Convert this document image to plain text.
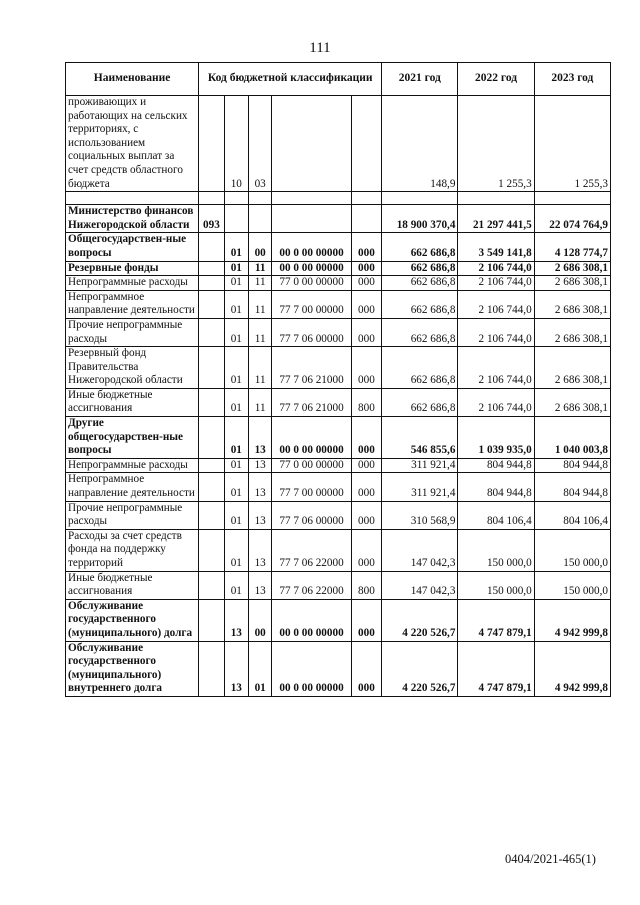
111
Наименование	Код бюджетной классификации					2021 год	2022 год	2023 год
проживающих и работающих на сельских территориях, с использованием социальных выплат за счет средств областного бюджета		10	03			148,9	1 255,3	1 255,3

Министерство финансов Нижегородской области	093					18 900 370,4	21 297 441,5	22 074 764,9
Общегосударствен-ные вопросы		01	00	00 0 00 00000	000	662 686,8	3 549 141,8	4 128 774,7
Резервные фонды		01	11	00 0 00 00000	000	662 686,8	2 106 744,0	2 686 308,1
Непрограммные расходы		01	11	77 0 00 00000	000	662 686,8	2 106 744,0	2 686 308,1
Непрограммное направление деятельности		01	11	77 7 00 00000	000	662 686,8	2 106 744,0	2 686 308,1
Прочие непрограммные расходы		01	11	77 7 06 00000	000	662 686,8	2 106 744,0	2 686 308,1
Резервный фонд Правительства Нижегородской области		01	11	77 7 06 21000	000	662 686,8	2 106 744,0	2 686 308,1
Иные бюджетные ассигнования		01	11	77 7 06 21000	800	662 686,8	2 106 744,0	2 686 308,1
Другие общегосударствен-ные вопросы		01	13	00 0 00 00000	000	546 855,6	1 039 935,0	1 040 003,8
Непрограммные расходы		01	13	77 0 00 00000	000	311 921,4	804 944,8	804 944,8
Непрограммное направление деятельности		01	13	77 7 00 00000	000	311 921,4	804 944,8	804 944,8
Прочие непрограммные расходы		01	13	77 7 06 00000	000	310 568,9	804 106,4	804 106,4
Расходы за счет средств фонда на поддержку территорий		01	13	77 7 06 22000	000	147 042,3	150 000,0	150 000,0
Иные бюджетные ассигнования		01	13	77 7 06 22000	800	147 042,3	150 000,0	150 000,0
Обслуживание государственного (муниципального) долга		13	00	00 0 00 00000	000	4 220 526,7	4 747 879,1	4 942 999,8
Обслуживание государственного (муниципального) внутреннего долга		13	01	00 0 00 00000	000	4 220 526,7	4 747 879,1	4 942 999,8
0404/2021-465(1)
